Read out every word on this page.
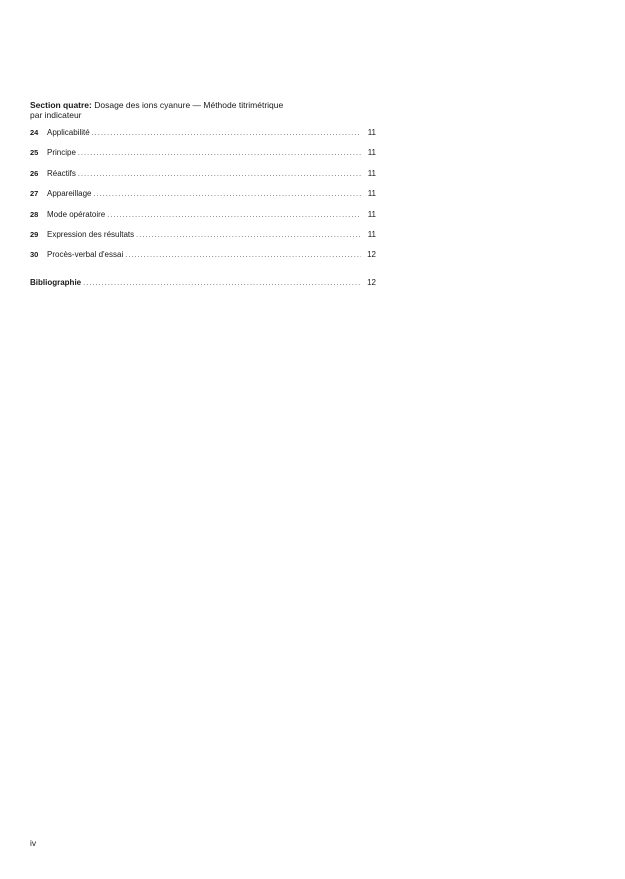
Section quatre: Dosage des ions cyanure — Méthode titrimétrique
par indicateur
24	Applicabilité . . .	11
25	Principe . . .	11
26	Réactifs . . .	11
27	Appareillage . . .	11
28	Mode opératoire . . .	11
29	Expression des résultats . . .	11
30	Procès-verbal d'essai . . .	12
Bibliographie . . .	12
iv
